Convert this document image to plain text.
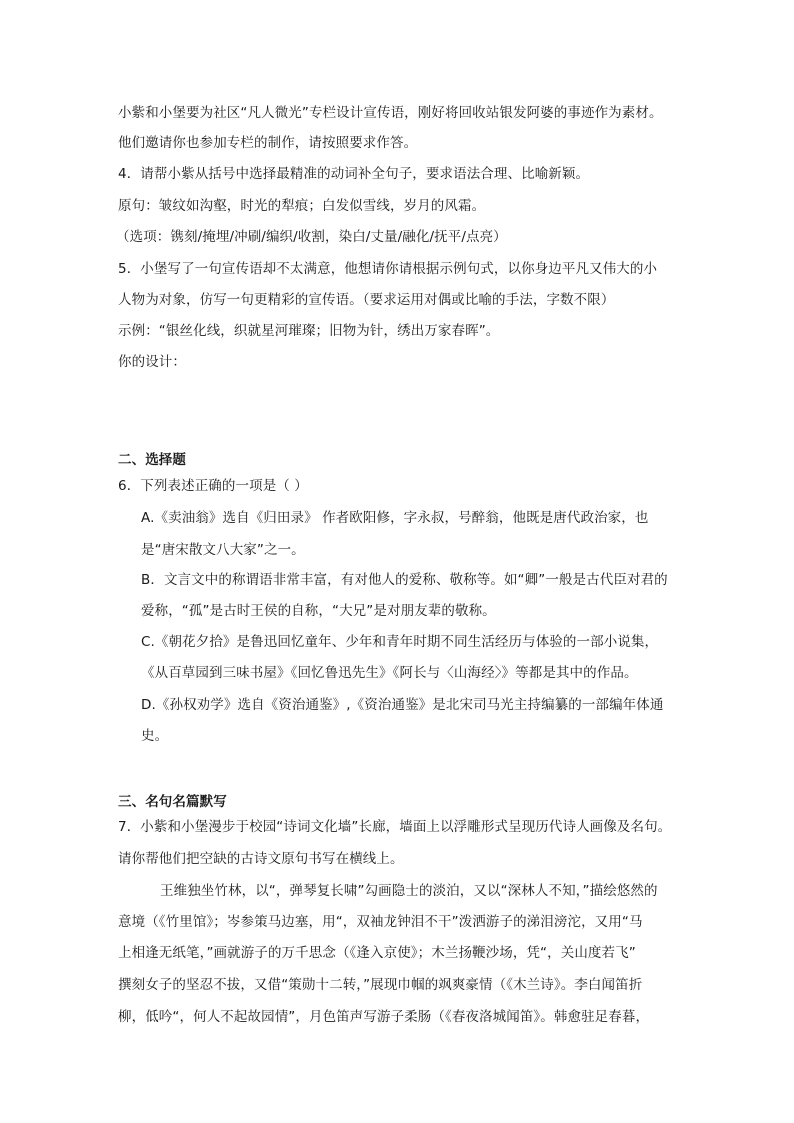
小紫和小堡要为社区“凡人微光”专栏设计宣传语，刚好将回收站银发阿婆的事迹作为素材。
他们邀请你也参加专栏的制作，请按照要求作答。
4．请帮小紫从括号中选择最精准的动词补全句子，要求语法合理、比喻新颖。
原句：皱纹如沟壑，时光的犁痕；白发似雪线，岁月的风霜。
（选项：镌刻/掩埋/冲刷/编织/收割，染白/丈量/融化/抚平/点亮）
5．小堡写了一句宣传语却不太满意，他想请你请根据示例句式，以你身边平凡又伟大的小
人物为对象，仿写一句更精彩的宣传语。（要求运用对偶或比喻的手法，字数不限）
示例：“银丝化线，织就星河璀璨；旧物为针，绣出万家春晖”。
你的设计：
二、选择题
6．下列表述正确的一项是（ ）
A.《卖油翁》选自《归田录》 作者欧阳修，字永叔，号醉翁，他既是唐代政治家，也
是“唐宋散文八大家”之一。
B．文言文中的称谓语非常丰富，有对他人的爱称、敬称等。如“卿”一般是古代臣对君的
爱称，“孤”是古时王侯的自称，“大兄”是对朋友辈的敬称。
C.《朝花夕拾》是鲁迅回忆童年、少年和青年时期不同生活经历与体验的一部小说集，
《从百草园到三味书屋》《回忆鲁迅先生》《阿长与〈山海经〉》等都是其中的作品。
D.《孙权劝学》选自《资治通鉴》,《资治通鉴》是北宋司马光主持编纂的一部编年体通
史。
三、名句名篇默写
7．小紫和小堡漫步于校园“诗词文化墙”长廊，墙面上以浮雕形式呈现历代诗人画像及名句。
请你帮他们把空缺的古诗文原句书写在横线上。
王维独坐竹林，以“，弹琴复长啸”勾画隐士的淡泊，又以“深林人不知，”描绘悠然的
意境（《竹里馆》；岑参策马边塞，用“，双袖龙钟泪不干”泼洒游子的涕泪滂沱，又用“马
上相逢无纸笔，”画就游子的万千思念（《逢入京使》；木兰扬鞭沙场，凭“，关山度若飞”
撰刻女子的坚忍不拔，又借“策勋十二转，”展现巾帼的飒爽豪情（《木兰诗》。李白闻笛折
柳，低吟“，何人不起故园情”，月色笛声写游子柔肠（《春夜洛城闻笛》。韩愈驻足春暮，
